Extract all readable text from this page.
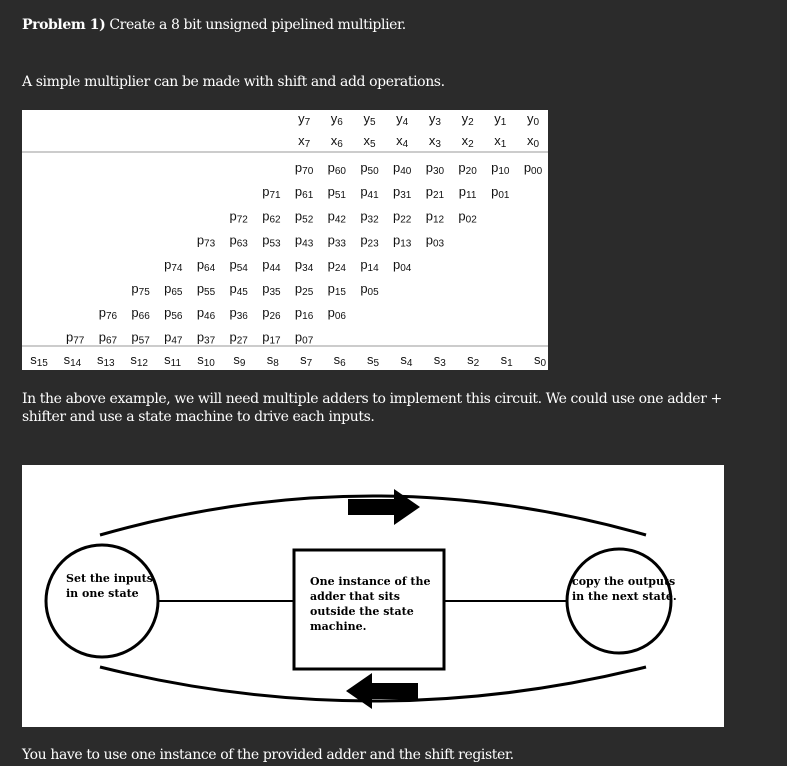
Problem 1) Create a 8 bit unsigned pipelined multiplier.
A simple multiplier can be made with shift and add operations.
y7 y6 y5 y4 y3 y2 y1 y0
x7 x6 x5 x4 x3 x2 x1 x0
p70 p60 p50 p40 p30 p20 p10 p00
p71 p61 p51 p41 p31 p21 p11 p01
p72 p62 p52 p42 p32 p22 p12 p02
p73 p63 p53 p43 p33 p23 p13 p03
p74 p64 p54 p44 p34 p24 p14 p04
p75 p65 p55 p45 p35 p25 p15 p05
p76 p66 p56 p46 p36 p26 p16 p06
p77 p67 p57 p47 p37 p27 p17 p07
s15 s14 s13 s12 s11 s10 s9 s8 s7 s6 s5 s4 s3 s2 s1 s0
In the above example, we will need multiple adders to implement this circuit. We could use one adder + shifter and use a state machine to drive each inputs.
Set the inputs
in one state
One instance of the
adder that sits
outside the state
machine.
copy the outputs
in the next state.
You have to use one instance of the provided adder and the shift register.
